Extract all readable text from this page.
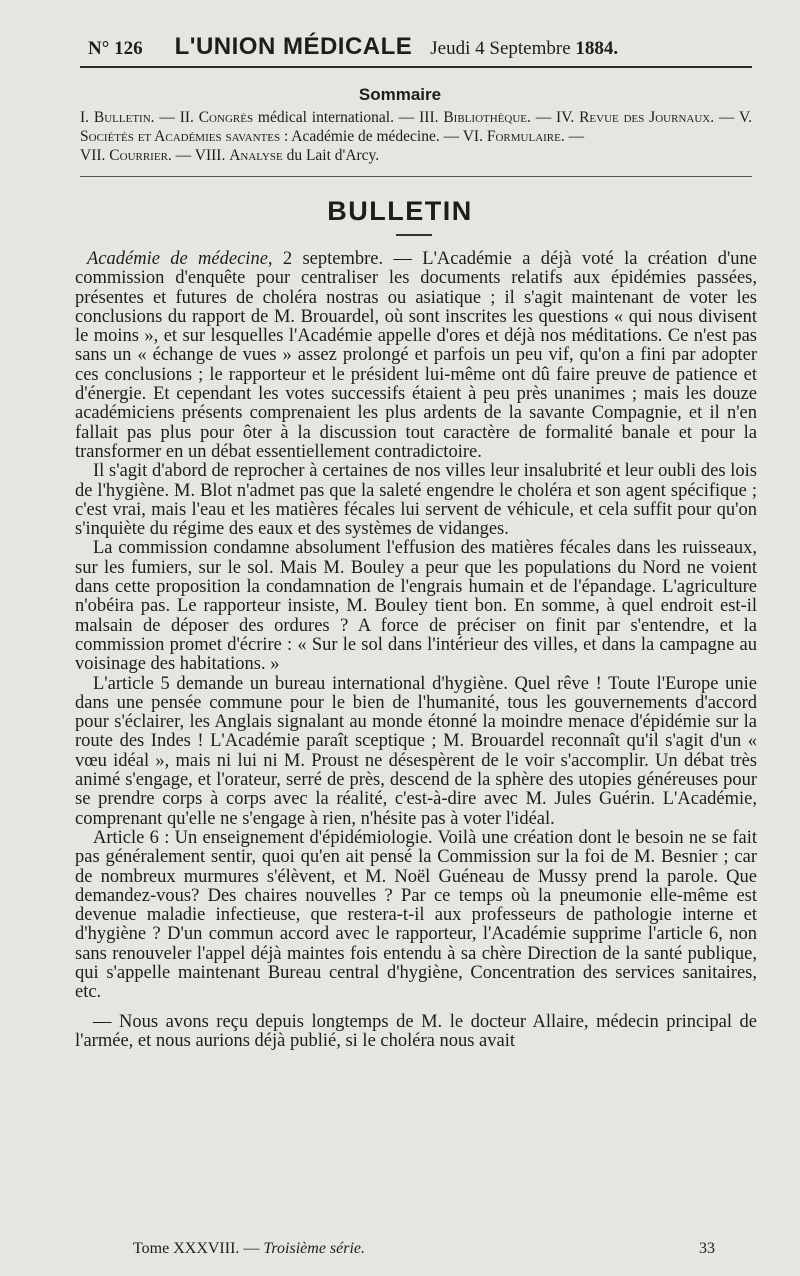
N° 126 L'UNION MÉDICALE Jeudi 4 Septembre 1884.
Sommaire
I. Bulletin. — II. Congrès médical international. — III. Bibliothèque. — IV. Revue des Journaux. — V. Sociétés et Académies savantes : Académie de médecine. — VI. Formulaire. —
VII. Courrier. — VIII. Analyse du Lait d'Arcy.
BULLETIN

Académie de médecine, 2 septembre. — L'Académie a déjà voté la création d'une commission d'enquête pour centraliser les documents relatifs aux épidémies passées, présentes et futures de choléra nostras ou asiatique ; il s'agit maintenant de voter les conclusions du rapport de M. Brouardel, où sont inscrites les questions « qui nous divisent le moins », et sur lesquelles l'Académie appelle d'ores et déjà nos méditations. Ce n'est pas sans un « échange de vues » assez prolongé et parfois un peu vif, qu'on a fini par adopter ces conclusions ; le rapporteur et le président lui-même ont dû faire preuve de patience et d'énergie. Et cependant les votes successifs étaient à peu près unanimes ; mais les douze académiciens présents comprenaient les plus ardents de la savante Compagnie, et il n'en fallait pas plus pour ôter à la discussion tout caractère de formalité banale et pour la transformer en un débat essentiellement contradictoire.

Il s'agit d'abord de reprocher à certaines de nos villes leur insalubrité et leur oubli des lois de l'hygiène. M. Blot n'admet pas que la saleté engendre le choléra et son agent spécifique ; c'est vrai, mais l'eau et les matières fécales lui servent de véhicule, et cela suffit pour qu'on s'inquiète du régime des eaux et des systèmes de vidanges.

La commission condamne absolument l'effusion des matières fécales dans les ruisseaux, sur les fumiers, sur le sol. Mais M. Bouley a peur que les populations du Nord ne voient dans cette proposition la condamnation de l'engrais humain et de l'épandage. L'agriculture n'obéira pas. Le rapporteur insiste, M. Bouley tient bon. En somme, à quel endroit est-il malsain de déposer des ordures ? A force de préciser on finit par s'entendre, et la commission promet d'écrire : « Sur le sol dans l'intérieur des villes, et dans la campagne au voisinage des habitations. »

L'article 5 demande un bureau international d'hygiène. Quel rêve ! Toute l'Europe unie dans une pensée commune pour le bien de l'humanité, tous les gouvernements d'accord pour s'éclairer, les Anglais signalant au monde étonné la moindre menace d'épidémie sur la route des Indes ! L'Académie paraît sceptique ; M. Brouardel reconnaît qu'il s'agit d'un « vœu idéal », mais ni lui ni M. Proust ne désespèrent de le voir s'accomplir. Un débat très animé s'engage, et l'orateur, serré de près, descend de la sphère des utopies généreuses pour se prendre corps à corps avec la réalité, c'est-à-dire avec M. Jules Guérin. L'Académie, comprenant qu'elle ne s'engage à rien, n'hésite pas à voter l'idéal.

Article 6 : Un enseignement d'épidémiologie. Voilà une création dont le besoin ne se fait pas généralement sentir, quoi qu'en ait pensé la Commission sur la foi de M. Besnier ; car de nombreux murmures s'élèvent, et M. Noël Guéneau de Mussy prend la parole. Que demandez-vous? Des chaires nouvelles ? Par ce temps où la pneumonie elle-même est devenue maladie infectieuse, que restera-t-il aux professeurs de pathologie interne et d'hygiène ? D'un commun accord avec le rapporteur, l'Académie supprime l'article 6, non sans renouveler l'appel déjà maintes fois entendu à sa chère Direction de la santé publique, qui s'appelle maintenant Bureau central d'hygiène, Concentration des services sanitaires, etc.

— Nous avons reçu depuis longtemps de M. le docteur Allaire, médecin principal de l'armée, et nous aurions déjà publié, si le choléra nous avait

Tome XXXVIII. —
Troisième série.	33
